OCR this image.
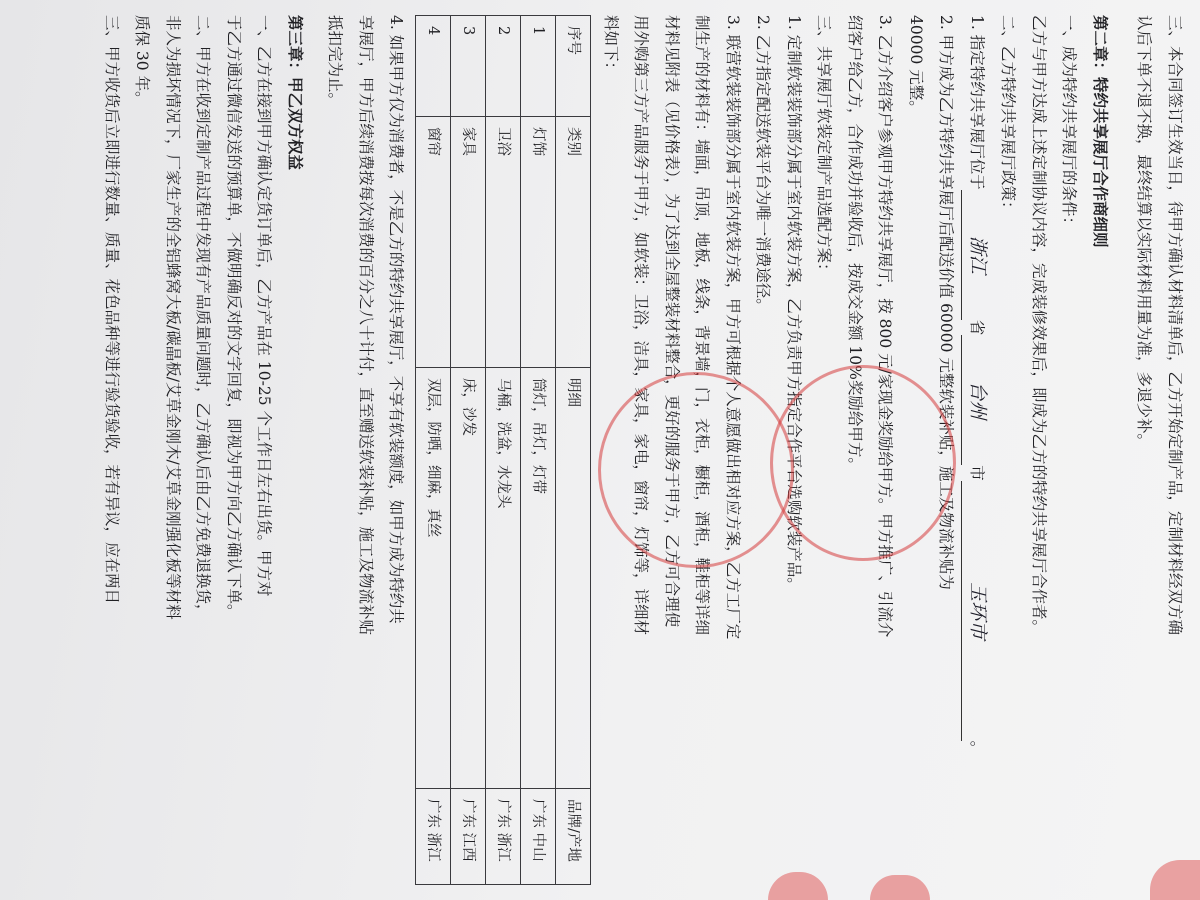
三、本合同签订生效当日，待甲方确认材料清单后，乙方开始定制产品，定制材料经双方确

认后下单不退不换，最终结算以实际材料用量为准，多退少补。

第二章：特约共享展厅合作商细则

一、成为特约共享展厅的条件：

乙方与甲方达成上述定制协议内容，完成装修效果后，即成为乙方的特约共享展厅合作者。

二、乙方特约共享展厅政策：

1. 指定特约共享展厅位于浙江省台州市玉环市。

2. 甲方成为乙方特约共享展厅后配送价值 60000 元整软装补贴，施工及物流补贴为

40000 元整。

3. 乙方介绍客户参观甲方特约共享展厅，按 800 元/家现金奖励给甲方。甲方推广、引流介

绍客户给乙方，合作成功并验收后，按成交金额 10%奖励给甲方。

三、共享展厅软装定制产品选配方案：

1. 定制软装装饰部分属于室内软装方案，乙方负责甲方指定合作平台选购软装产品。

2. 乙方指定配送软装平台为唯一消费途径。

3. 联营软装装饰部分属于室内软装方案，甲方可根据个人意愿做出相对应方案，乙方工厂定

制生产的材料有：墙面，吊顶，地板，线条，背景墙，门，衣柜，橱柜，酒柜，鞋柜等详细

材料见附表（见价格表），为了达到全屋整装材料整合，更好的服务于甲方，乙方可合理使

用外购第三方产品服务于甲方，如软装：卫浴，洁具，家具，家电，窗帘，灯饰等，详细材

料如下：

序号	类别	明细	品牌/产地
1	灯饰	筒灯，吊灯，灯带	广东 中山
2	卫浴	马桶，洗盆，水龙头	广东 浙江
3	家具	床，沙发	广东 江西
4	窗帘	双层，防晒，细麻，真丝	广东 浙江

4. 如果甲方仅为消费者，不是乙方的特约共享展厅，不享有软装额度，如甲方成为特约共

享展厅，甲方后续消费按每次消费的百分之八十计付，直至赠送软装补贴，施工及物流补贴

抵扣完为止。

第三章：甲乙双方权益

一、乙方在接到甲方确认定货订单后，乙方产品在 10-25 个工作日左右出货。甲方对

于乙方通过微信发送的预算单，不做明确反对的文字回复，即视为甲方向乙方确认下单。

二、甲方在收到定制产品过程中发现有产品质量问题时，乙方确认后由乙方免费退换货，

非人为损坏情况下，厂家生产的全铝蜂窝大板/碳晶板/艾草金刚木/艾草金刚强化板等材料

质保 30 年。

三、甲方收货后立即进行数量、质量、花色品种等进行验货验收，若有异议，应在两日
